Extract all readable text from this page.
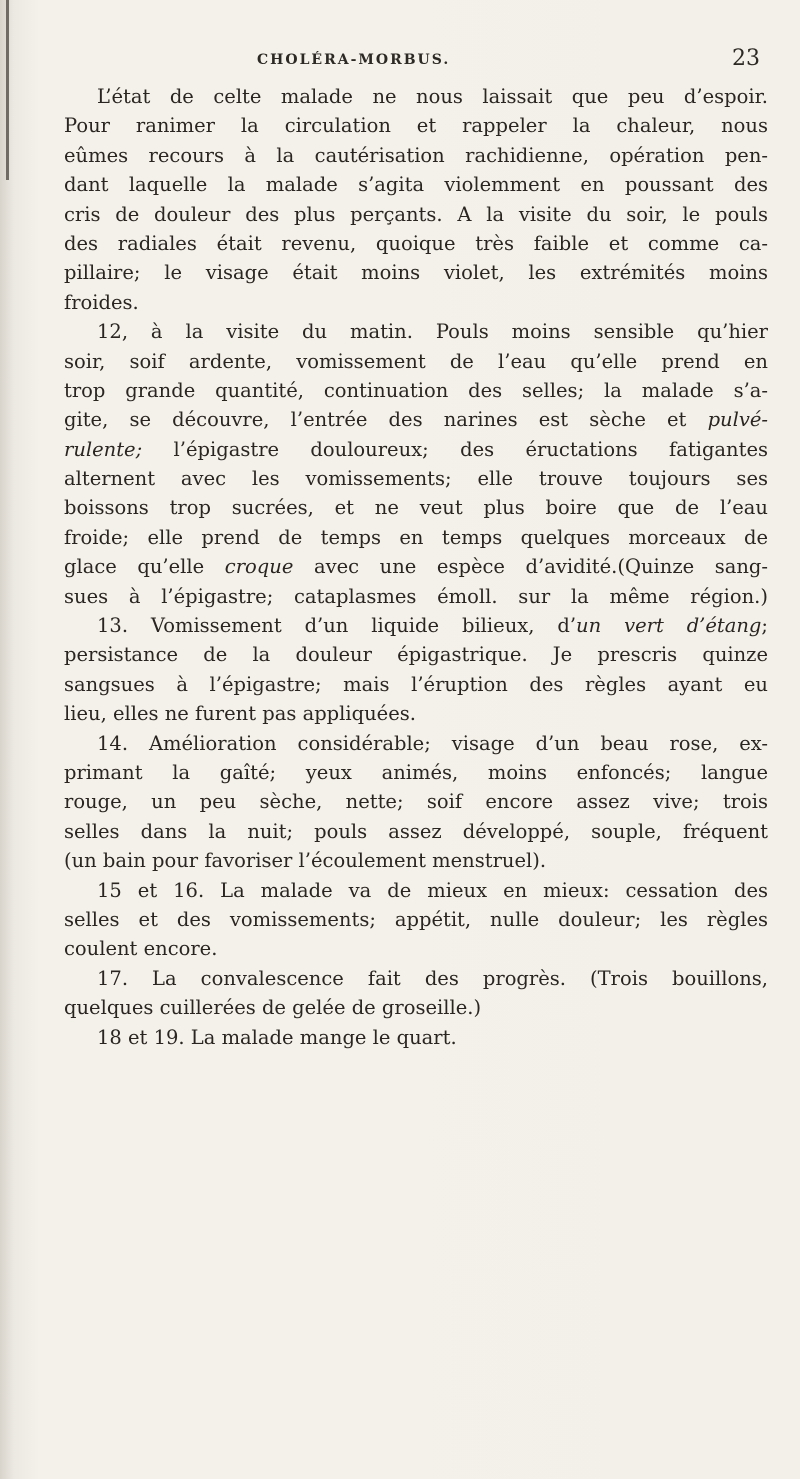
CHOLÉRA-MORBUS.	23
L’état de celte malade ne nous laissait que peu d’espoir.
Pour ranimer la circulation et rappeler la chaleur, nous
eûmes recours à la cautérisation rachidienne, opération pen-
dant laquelle la malade s’agita violemment en poussant des
cris de douleur des plus perçants. A la visite du soir, le pouls
des radiales était revenu, quoique très faible et comme ca-
pillaire; le visage était moins violet, les extrémités moins
froides.
12, à la visite du matin. Pouls moins sensible qu’hier
soir, soif ardente, vomissement de l’eau qu’elle prend en
trop grande quantité, continuation des selles; la malade s’a-
gite, se découvre, l’entrée des narines est sèche et pulvé-
rulente; l’épigastre douloureux; des éructations fatigantes
alternent avec les vomissements; elle trouve toujours ses
boissons trop sucrées, et ne veut plus boire que de l’eau
froide; elle prend de temps en temps quelques morceaux de
glace qu’elle croque avec une espèce d’avidité.(Quinze sang-
sues à l’épigastre; cataplasmes émoll. sur la même région.)
13. Vomissement d’un liquide bilieux, d’un vert d’étang;
persistance de la douleur épigastrique. Je prescris quinze
sangsues à l’épigastre; mais l’éruption des règles ayant eu
lieu, elles ne furent pas appliquées.
14. Amélioration considérable; visage d’un beau rose, ex-
primant la gaîté; yeux animés, moins enfoncés; langue
rouge, un peu sèche, nette; soif encore assez vive; trois
selles dans la nuit; pouls assez développé, souple, fréquent
(un bain pour favoriser l’écoulement menstruel).
15 et 16. La malade va de mieux en mieux: cessation des
selles et des vomissements; appétit, nulle douleur; les règles
coulent encore.
17. La convalescence fait des progrès. (Trois bouillons,
quelques cuillerées de gelée de groseille.)
18 et 19. La malade mange le quart.
